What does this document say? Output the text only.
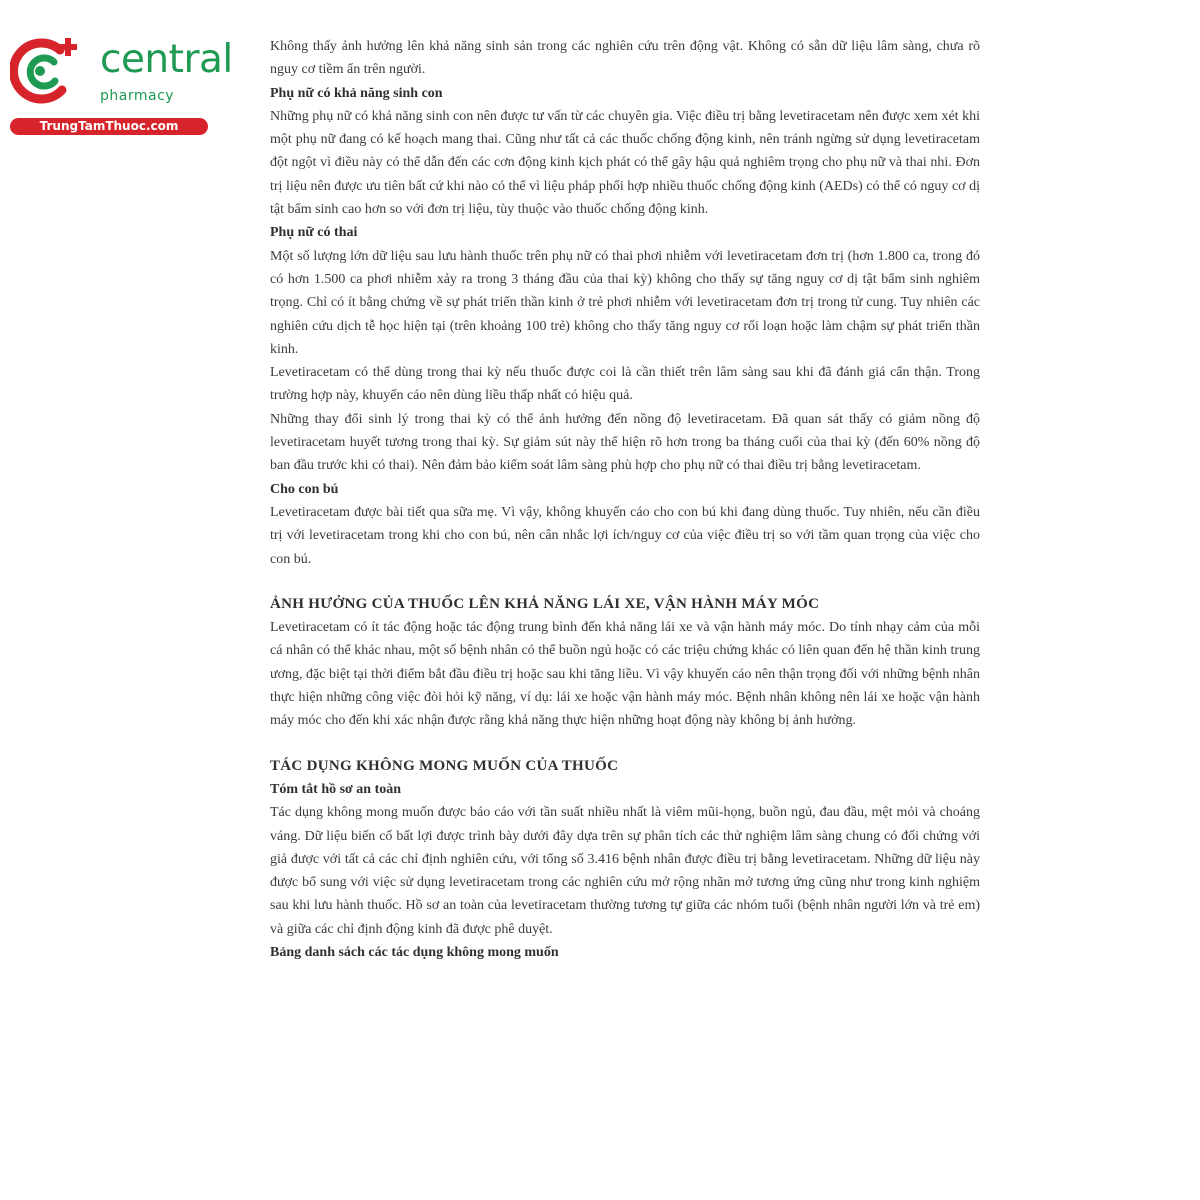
central
pharmacy
TrungTamThuoc.com

Không thấy ảnh hưởng lên khả năng sinh sản trong các nghiên cứu trên động vật. Không có sẵn dữ liệu lâm sàng, chưa rõ nguy cơ tiềm ẩn trên người.

Phụ nữ có khả năng sinh con

Những phụ nữ có khả năng sinh con nên được tư vấn từ các chuyên gia. Việc điều trị bằng levetiracetam nên được xem xét khi một phụ nữ đang có kế hoạch mang thai. Cũng như tất cả các thuốc chống động kinh, nên tránh ngừng sử dụng levetiracetam đột ngột vì điều này có thể dẫn đến các cơn động kinh kịch phát có thể gây hậu quả nghiêm trọng cho phụ nữ và thai nhi. Đơn trị liệu nên được ưu tiên bất cứ khi nào có thể vì liệu pháp phối hợp nhiều thuốc chống động kinh (AEDs) có thể có nguy cơ dị tật bẩm sinh cao hơn so với đơn trị liệu, tùy thuộc vào thuốc chống động kinh.

Phụ nữ có thai

Một số lượng lớn dữ liệu sau lưu hành thuốc trên phụ nữ có thai phơi nhiễm với levetiracetam đơn trị (hơn 1.800 ca, trong đó có hơn 1.500 ca phơi nhiễm xảy ra trong 3 tháng đầu của thai kỳ) không cho thấy sự tăng nguy cơ dị tật bẩm sinh nghiêm trọng. Chỉ có ít bằng chứng về sự phát triển thần kinh ở trẻ phơi nhiễm với levetiracetam đơn trị trong tử cung. Tuy nhiên các nghiên cứu dịch tễ học hiện tại (trên khoảng 100 trẻ) không cho thấy tăng nguy cơ rối loạn hoặc làm chậm sự phát triển thần kinh.

Levetiracetam có thể dùng trong thai kỳ nếu thuốc được coi là cần thiết trên lâm sàng sau khi đã đánh giá cẩn thận. Trong trường hợp này, khuyến cáo nên dùng liều thấp nhất có hiệu quả.

Những thay đổi sinh lý trong thai kỳ có thể ảnh hưởng đến nồng độ levetiracetam. Đã quan sát thấy có giảm nồng độ levetiracetam huyết tương trong thai kỳ. Sự giảm sút này thể hiện rõ hơn trong ba tháng cuối của thai kỳ (đến 60% nồng độ ban đầu trước khi có thai). Nên đảm bảo kiểm soát lâm sàng phù hợp cho phụ nữ có thai điều trị bằng levetiracetam.

Cho con bú

Levetiracetam được bài tiết qua sữa mẹ. Vì vậy, không khuyến cáo cho con bú khi đang dùng thuốc. Tuy nhiên, nếu cần điều trị với levetiracetam trong khi cho con bú, nên cân nhắc lợi ích/nguy cơ của việc điều trị so với tầm quan trọng của việc cho con bú.

ẢNH HƯỞNG CỦA THUỐC LÊN KHẢ NĂNG LÁI XE, VẬN HÀNH MÁY MÓC

Levetiracetam có ít tác động hoặc tác động trung bình đến khả năng lái xe và vận hành máy móc. Do tính nhạy cảm của mỗi cá nhân có thể khác nhau, một số bệnh nhân có thể buồn ngủ hoặc có các triệu chứng khác có liên quan đến hệ thần kinh trung ương, đặc biệt tại thời điểm bắt đầu điều trị hoặc sau khi tăng liều. Vì vậy khuyến cáo nên thận trọng đối với những bệnh nhân thực hiện những công việc đòi hỏi kỹ năng, ví dụ: lái xe hoặc vận hành máy móc. Bệnh nhân không nên lái xe hoặc vận hành máy móc cho đến khi xác nhận được rằng khả năng thực hiện những hoạt động này không bị ảnh hưởng.

TÁC DỤNG KHÔNG MONG MUỐN CỦA THUỐC
Tóm tắt hồ sơ an toàn

Tác dụng không mong muốn được báo cáo với tần suất nhiều nhất là viêm mũi-họng, buồn ngủ, đau đầu, mệt mỏi và choáng váng. Dữ liệu biến cố bất lợi được trình bày dưới đây dựa trên sự phân tích các thử nghiệm lâm sàng chung có đối chứng với giả được với tất cả các chỉ định nghiên cứu, với tổng số 3.416 bệnh nhân được điều trị bằng levetiracetam. Những dữ liệu này được bổ sung với việc sử dụng levetiracetam trong các nghiên cứu mở rộng nhãn mở tương ứng cũng như trong kinh nghiệm sau khi lưu hành thuốc. Hồ sơ an toàn của levetiracetam thường tương tự giữa các nhóm tuổi (bệnh nhân người lớn và trẻ em) và giữa các chỉ định động kinh đã được phê duyệt.

Bảng danh sách các tác dụng không mong muốn
